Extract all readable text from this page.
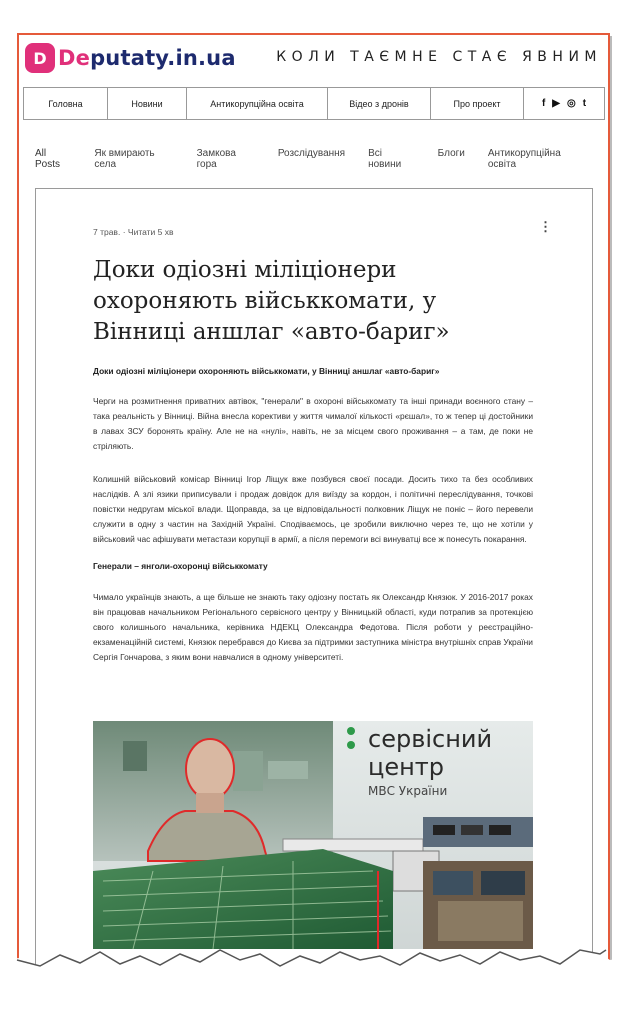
D Deputaty.in.ua	КОЛИ ТАЄМНЕ СТАЄ ЯВНИМ
Головна	Новини	Антикорупційна освіта	Відео з дронів	Про проект	f ▶ ◎ t
All Posts
Як вмирають села
Замкова гора
Розслідування Всі новини
Блоги Антикорупційна освіта
7 трав. · Читати 5 хв	⋮
Доки одіозні міліціонери охороняють військкомати, у Вінниці аншлаг «авто-бариг»
Доки одіозні міліціонери охороняють військкомати, у Вінниці аншлаг «авто-бариг»
Черги на розмитнення приватних автівок, "генерали" в охороні військкомату та інші принади воєнного стану – така реальність у Вінниці. Війна внесла корективи у життя чималої кількості «рєшал», то ж тепер ці достойники в лавах ЗСУ боронять країну. Але не на «нулі», навіть, не за місцем свого проживання – а там, де поки не стріляють.
Колишній військовий комісар Вінниці Ігор Ліщук вже позбувся своєї посади. Досить тихо та без особливих наслідків. А злі язики приписували і продаж довідок для виїзду за кордон, і політичні переслідування, точкові повістки недругам міської влади. Щоправда, за це відповідальності полковник Ліщук не поніс – його перевели служити в одну з частин на Західній Україні. Сподіваємось, це зробили виключно через те, що не хотіли у військовий час афішувати метастази корупції в армії, а після перемоги всі винуватці все ж понесуть покарання.
Генерали – янголи-охоронці військкомату
Чимало українців знають, а ще більше не знають таку одіозну постать як Олександр Князюк. У 2016-2017 роках він працював начальником Регіонального сервісного центру у Вінницькій області, куди потрапив за протекцією свого колишнього начальника, керівника НДЕКЦ Олександра Федотова. Після роботи у реєстраційно-екзаменаційній системі, Князюк перебрався до Києва за підтримки заступника міністра внутрішніх справ України Сергія Гончарова, з яким вони навчалися в одному університеті.
сервісний
центр
МВС України
